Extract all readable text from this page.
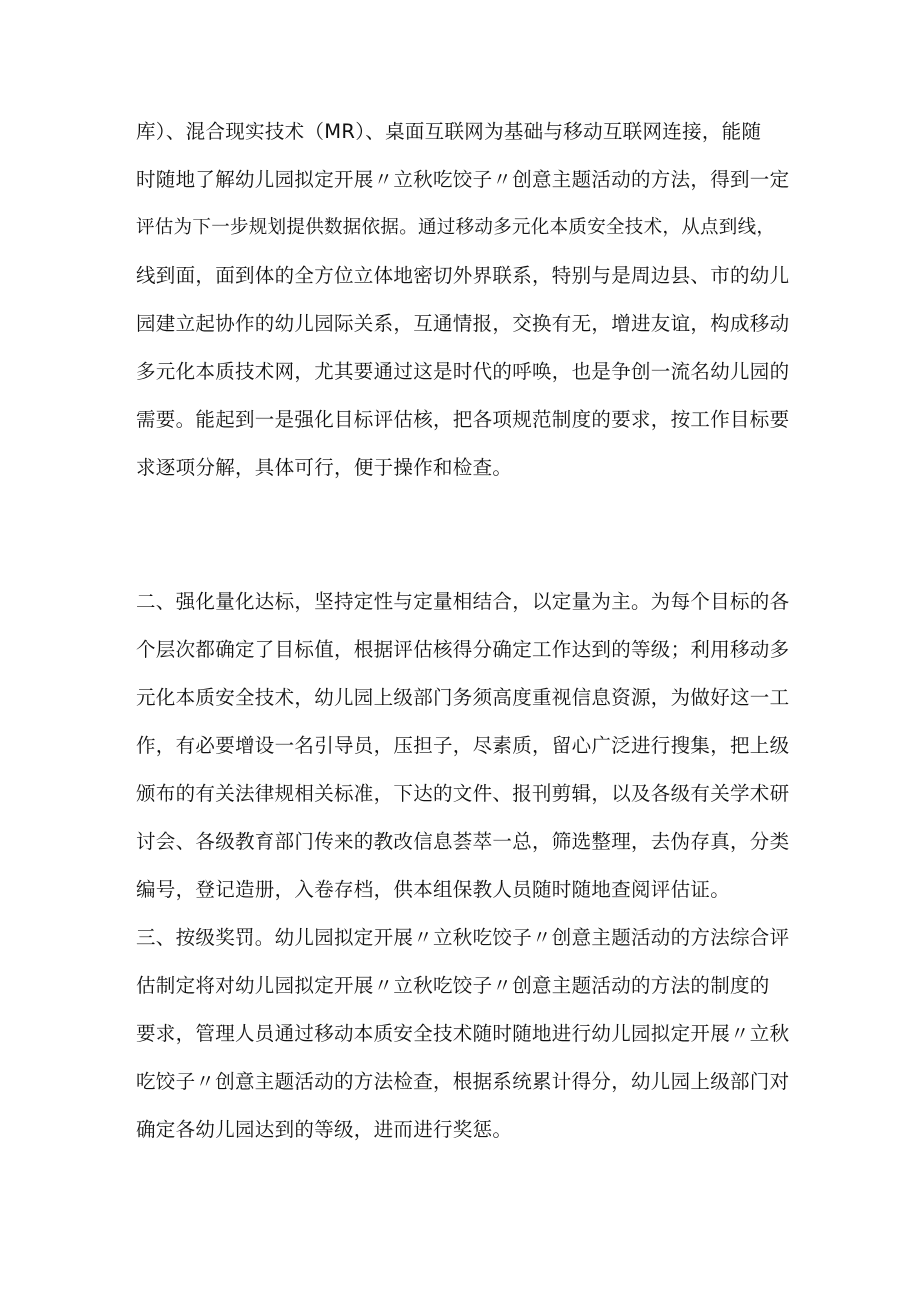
库）、混合现实技术（MR）、桌面互联网为基础与移动互联网连接，能随
时随地了解幼儿园拟定开展〃立秋吃饺子〃创意主题活动的方法，得到一定
评估为下一步规划提供数据依据。通过移动多元化本质安全技术，从点到线，
线到面，面到体的全方位立体地密切外界联系，特别与是周边县、市的幼儿
园建立起协作的幼儿园际关系，互通情报，交换有无，增进友谊，构成移动
多元化本质技术网，尤其要通过这是时代的呼唤，也是争创一流名幼儿园的
需要。能起到一是强化目标评估核，把各项规范制度的要求，按工作目标要
求逐项分解，具体可行，便于操作和检查。
二、强化量化达标，坚持定性与定量相结合，以定量为主。为每个目标的各
个层次都确定了目标值，根据评估核得分确定工作达到的等级；利用移动多
元化本质安全技术，幼儿园上级部门务须高度重视信息资源，为做好这一工
作，有必要增设一名引导员，压担子，尽素质，留心广泛进行搜集，把上级
颁布的有关法律规相关标准，下达的文件、报刊剪辑，以及各级有关学术研
讨会、各级教育部门传来的教改信息荟萃一总，筛选整理，去伪存真，分类
编号，登记造册，入卷存档，供本组保教人员随时随地查阅评估证。
三、按级奖罚。幼儿园拟定开展〃立秋吃饺子〃创意主题活动的方法综合评
估制定将对幼儿园拟定开展〃立秋吃饺子〃创意主题活动的方法的制度的
要求，管理人员通过移动本质安全技术随时随地进行幼儿园拟定开展〃立秋
吃饺子〃创意主题活动的方法检查，根据系统累计得分，幼儿园上级部门对
确定各幼儿园达到的等级，进而进行奖惩。
